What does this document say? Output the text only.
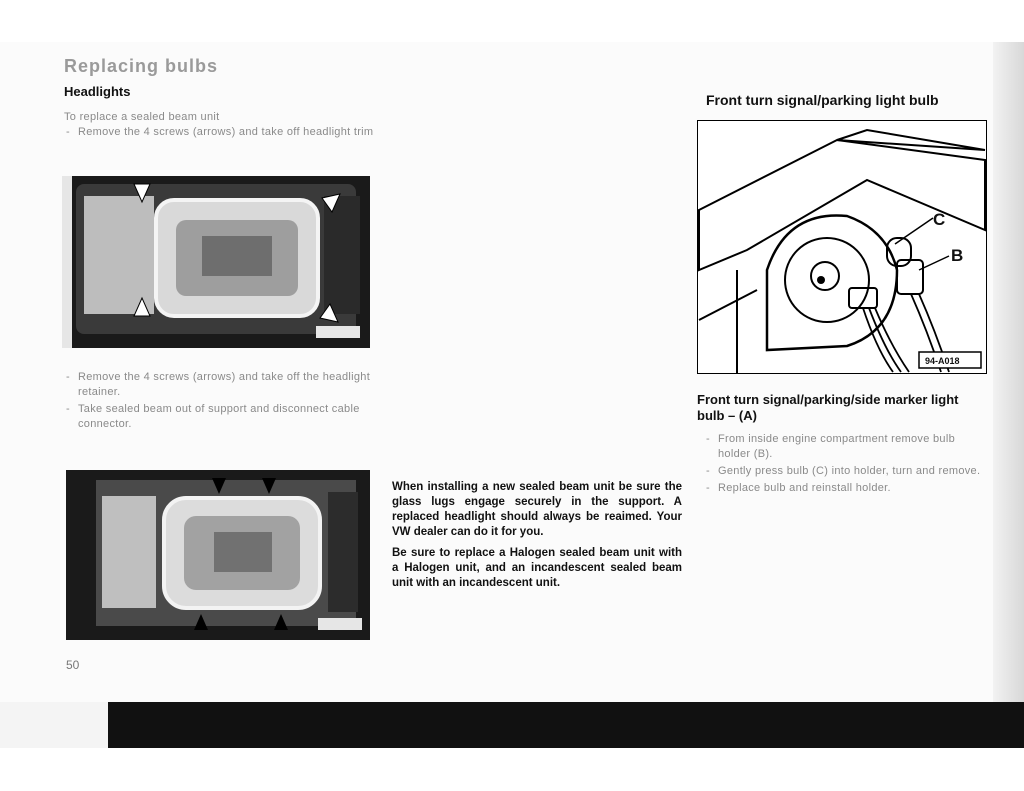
Replacing bulbs
Headlights
To replace a sealed beam unit
- Remove the 4 screws (arrows) and take off headlight trim
- Remove the 4 screws (arrows) and take off the headlight retainer.
- Take sealed beam out of support and disconnect cable connector.

When installing a new sealed beam unit be sure the glass lugs engage securely in the support. A replaced headlight should always be reaimed. Your VW dealer can do it for you.

Be sure to replace a Halogen sealed beam unit with a Halogen unit, and an incandescent sealed beam unit with an incandescent unit.

Front turn signal/parking light bulb
C
B
94-A018
Front turn signal/parking/side marker light bulb – (A)
- From inside engine compartment remove bulb holder (B).
- Gently press bulb (C) into holder, turn and remove.
- Replace bulb and reinstall holder.
50
